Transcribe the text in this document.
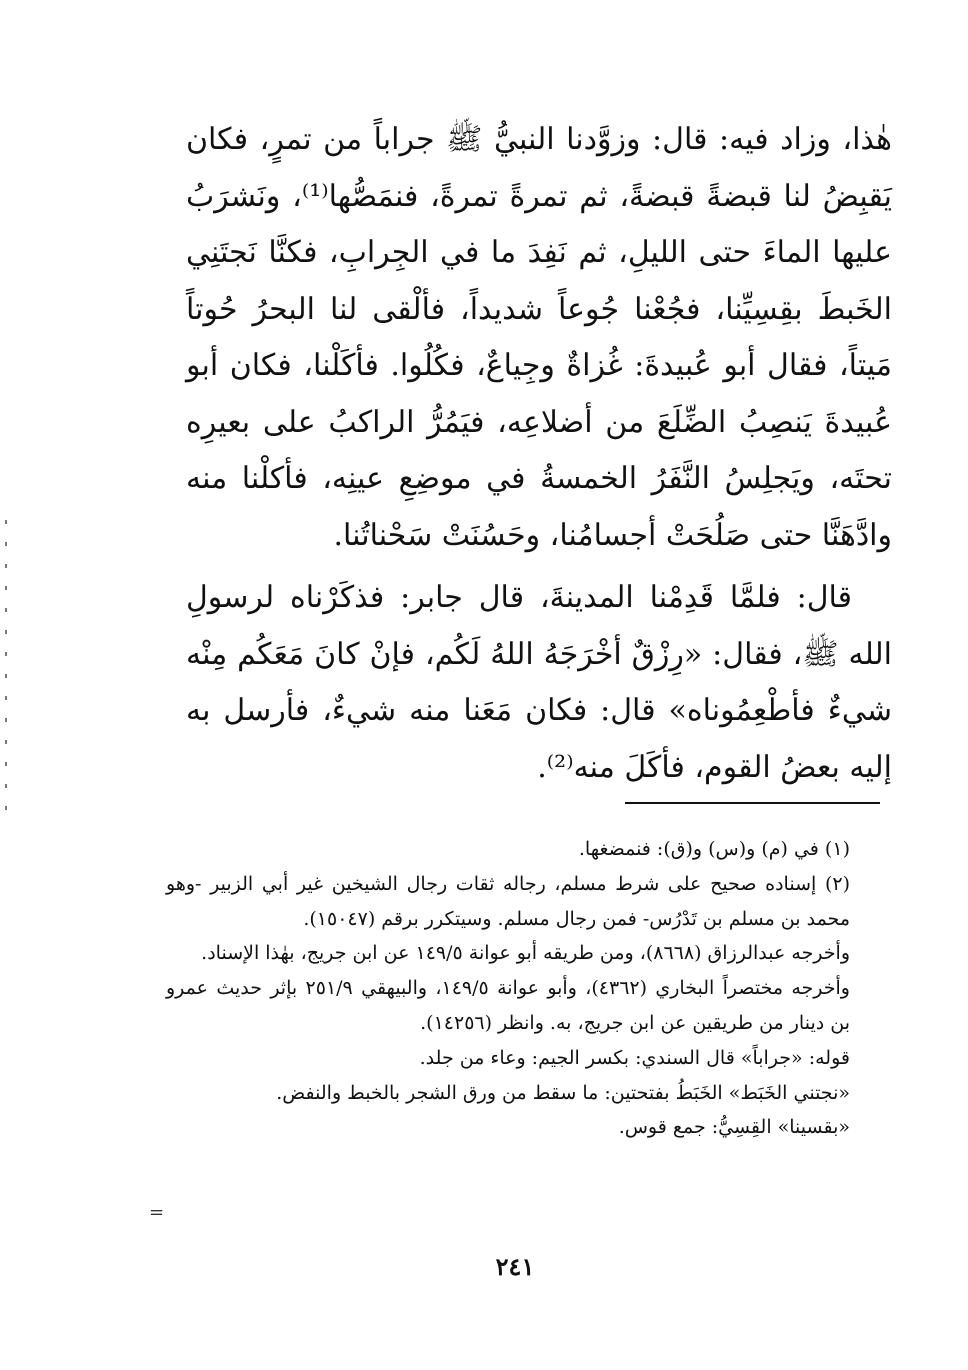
هٰذا، وزاد فيه: قال: وزوَّدنا النبيُّ ﷺ جراباً من تمرٍ، فكان يَقبِضُ لنا قبضةً قبضةً، ثم تمرةً تمرةً، فنمَصُّها⁽¹⁾، ونَشرَبُ عليها الماءَ حتى الليلِ، ثم نَفِدَ ما في الجِرابِ، فكنَّا نَجتَنِي الخَبطَ بقِسِيِّنا، فجُعْنا جُوعاً شديداً، فألْقى لنا البحرُ حُوتاً مَيتاً، فقال أبو عُبيدةَ: غُزاةٌ وجِياعٌ، فكُلُوا. فأكَلْنا، فكان أبو عُبيدةَ يَنصِبُ الضِّلَعَ من أضلاعِه، فيَمُرُّ الراكبُ على بعيرِه تحتَه، ويَجلِسُ النَّفَرُ الخمسةُ في موضِعِ عينِه، فأكلْنا منه وادَّهَنَّا حتى صَلُحَتْ أجسامُنا، وحَسُنَتْ سَحْناتُنا.

قال: فلمَّا قَدِمْنا المدينةَ، قال جابر: فذكَرْناه لرسولِ الله ﷺ، فقال: «رِزْقٌ أخْرَجَهُ اللهُ لَكُم، فإنْ كانَ مَعَكُم مِنْه شيءٌ فأطْعِمُوناه» قال: فكان مَعَنا منه شيءٌ، فأرسل به إليه بعضُ القوم، فأكَلَ منه⁽²⁾.

(١) في (م) و(س) و(ق): فنمضغها.

(٢) إسناده صحيح على شرط مسلم، رجاله ثقات رجال الشيخين غير أبي الزبير -وهو محمد بن مسلم بن تَدْرُس- فمن رجال مسلم. وسيتكرر برقم (١٥٠٤٧).

وأخرجه عبدالرزاق (٨٦٦٨)، ومن طريقه أبو عوانة ١٤٩/٥ عن ابن جريج، بهٰذا الإسناد.

وأخرجه مختصراً البخاري (٤٣٦٢)، وأبو عوانة ١٤٩/٥، والبيهقي ٢٥١/٩ بإثر حديث عمرو بن دينار من طريقين عن ابن جريج، به. وانظر (١٤٢٥٦).

قوله: «جراباً» قال السندي: بكسر الجيم: وعاء من جلد.

«نجتني الخَبَط» الخَبَطُ بفتحتين: ما سقط من ورق الشجر بالخبط والنفض.

«بقسينا» القِسِيُّ: جمع قوس.

=
٢٤١
